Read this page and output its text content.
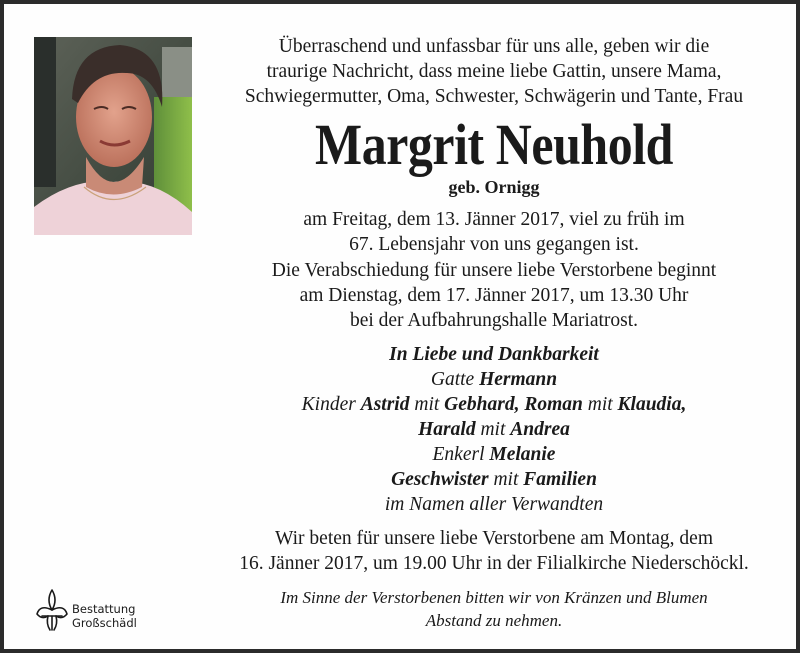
Überraschend und unfassbar für uns alle, geben wir die
traurige Nachricht, dass meine liebe Gattin, unsere Mama,
Schwiegermutter, Oma, Schwester, Schwägerin und Tante, Frau
Margrit Neuhold
geb. Ornigg
am Freitag, dem 13. Jänner 2017, viel zu früh im
67. Lebensjahr von uns gegangen ist.
Die Verabschiedung für unsere liebe Verstorbene beginnt
am Dienstag, dem 17. Jänner 2017, um 13.30 Uhr
bei der Aufbahrungshalle Mariatrost.
In Liebe und Dankbarkeit
Gatte Hermann
Kinder Astrid mit Gebhard, Roman mit Klaudia,
Harald mit Andrea
Enkerl Melanie
Geschwister mit Familien
im Namen aller Verwandten
Wir beten für unsere liebe Verstorbene am Montag, dem
16. Jänner 2017, um 19.00 Uhr in der Filialkirche Niederschöckl.
Im Sinne der Verstorbenen bitten wir von Kränzen und Blumen
Abstand zu nehmen.
Bestattung
Großschädl
